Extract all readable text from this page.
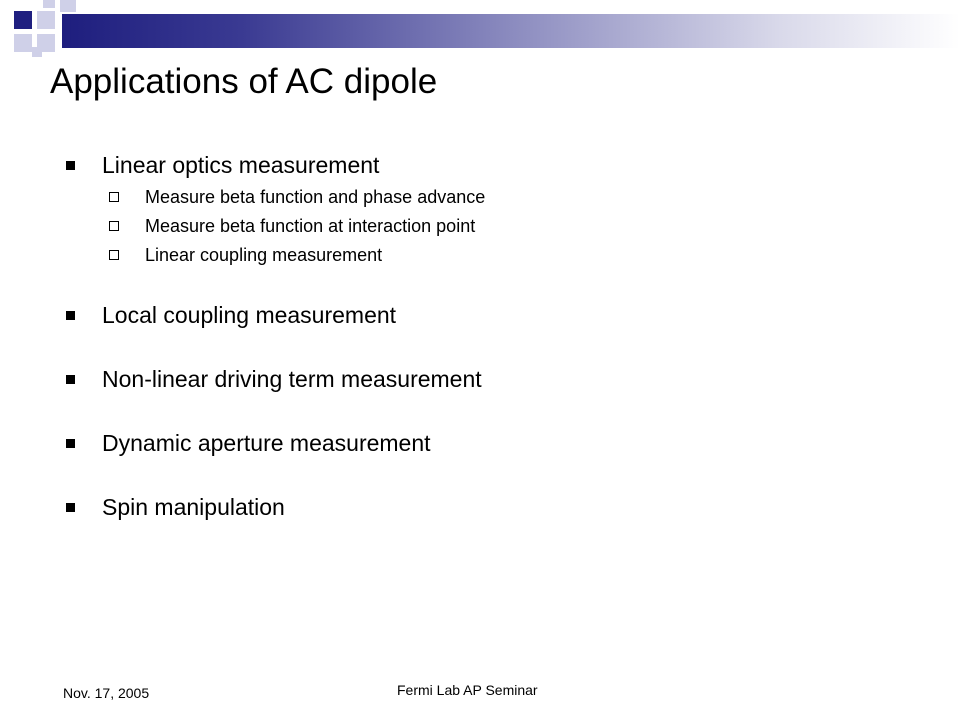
Applications of AC dipole
Linear optics measurement
Measure beta function and phase advance
Measure beta function at interaction point
Linear coupling measurement
Local coupling measurement
Non-linear driving term measurement
Dynamic aperture measurement
Spin manipulation
Nov. 17, 2005	Fermi Lab AP Seminar
